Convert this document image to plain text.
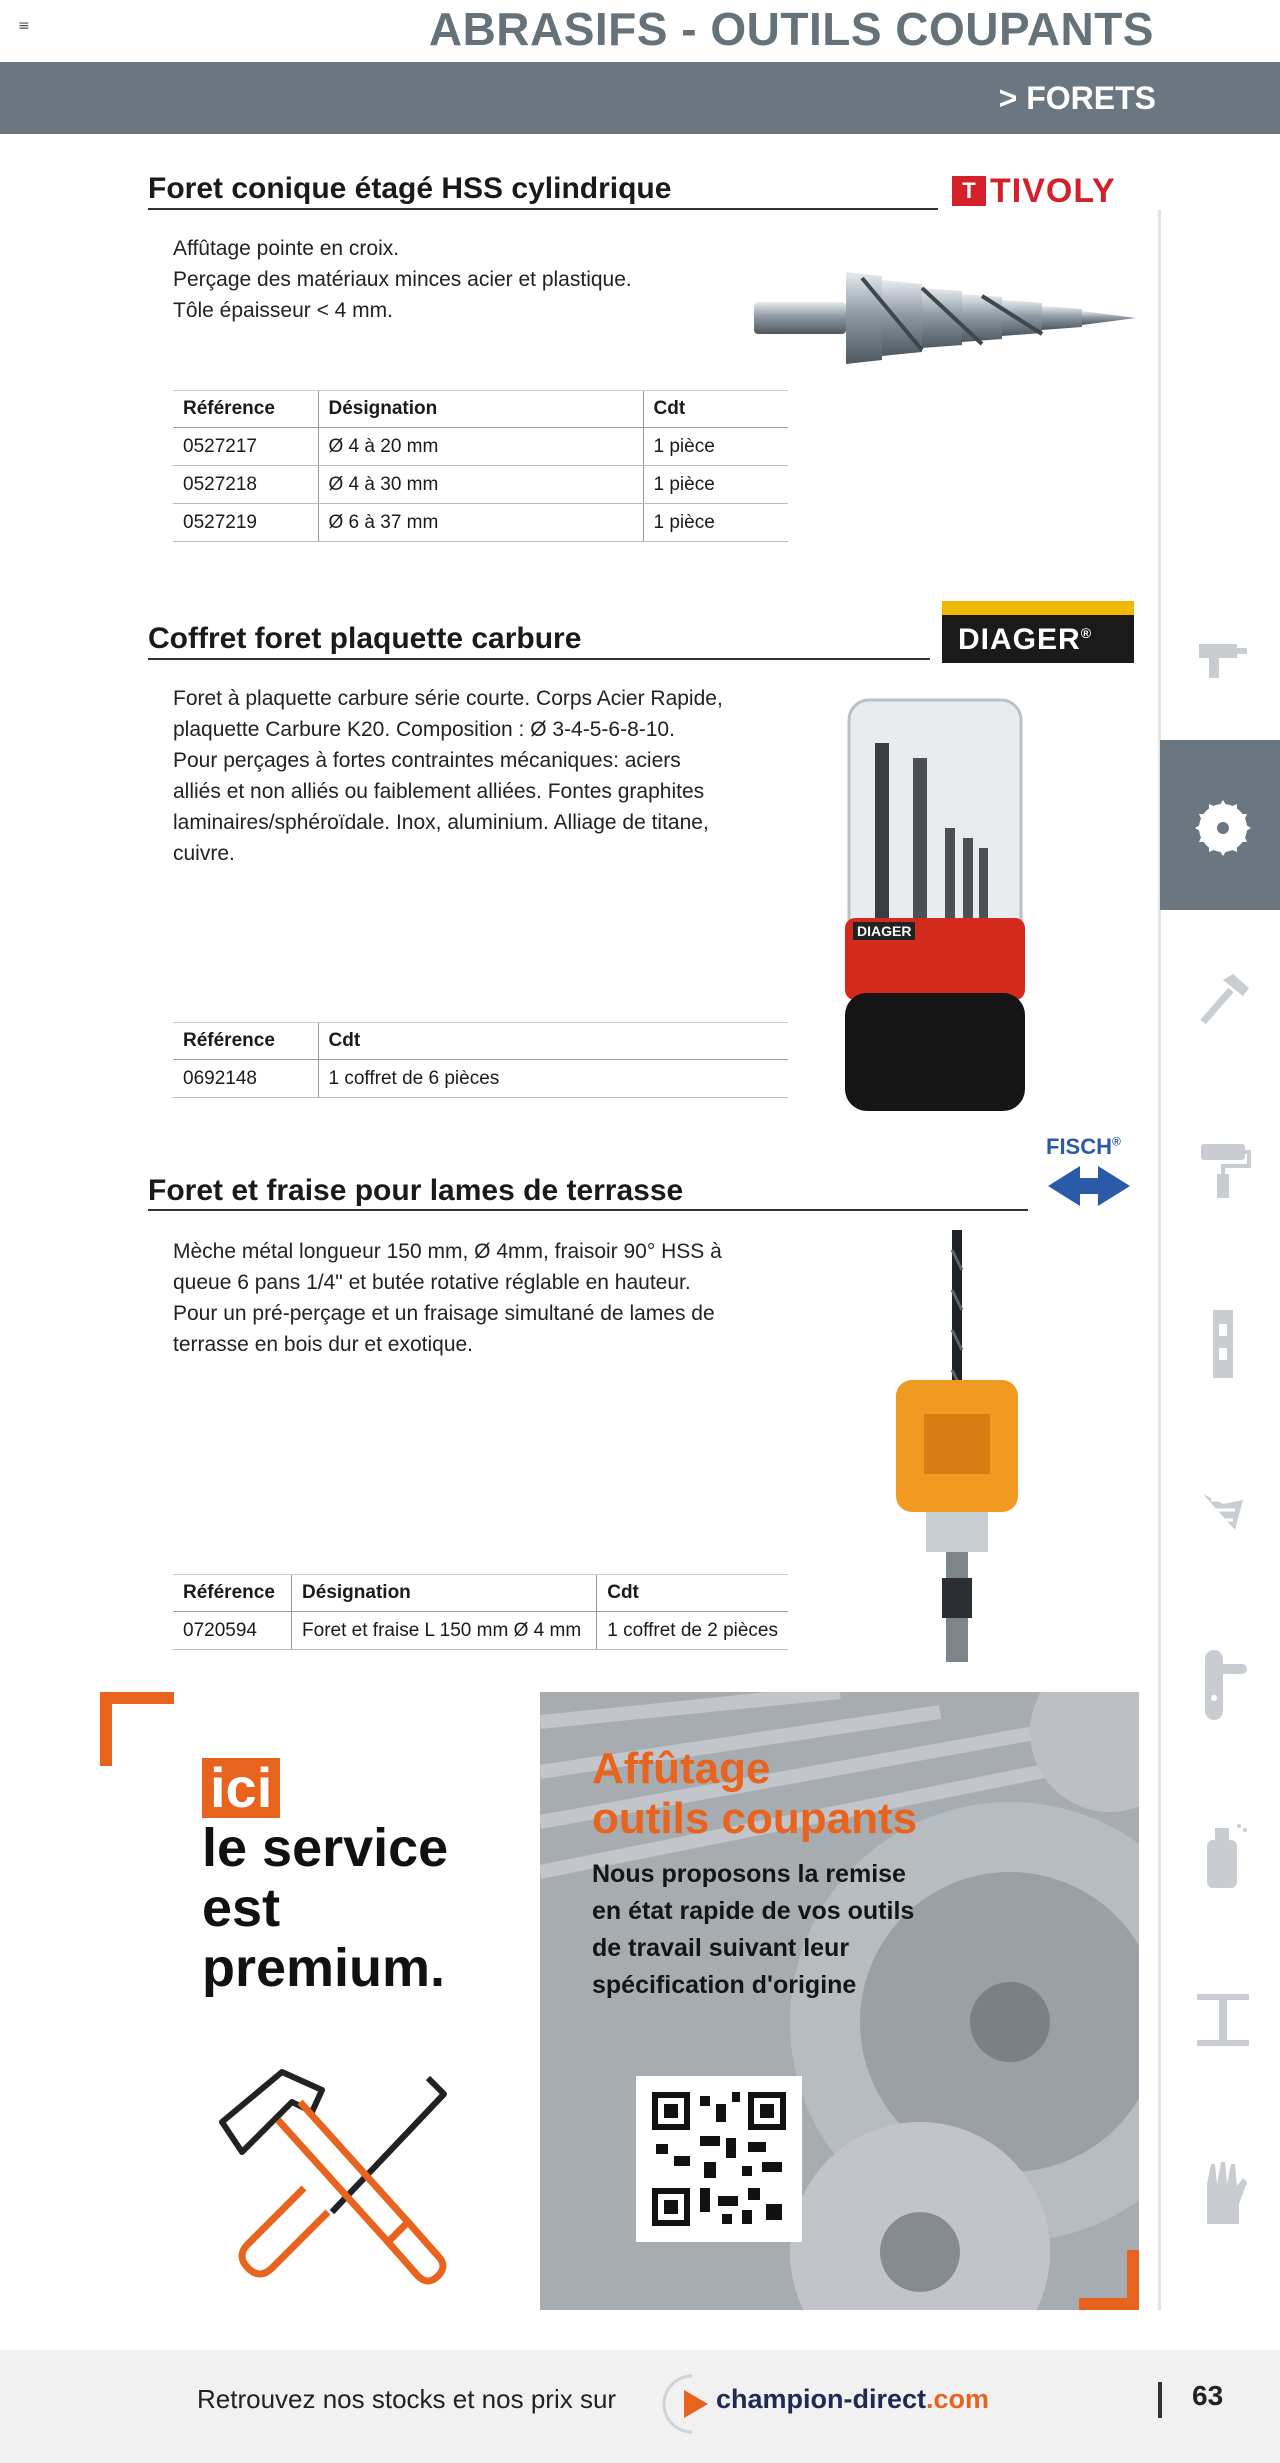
≡	ABRASIFS - OUTILS COUPANTS
> FORETS
Foret conique étagé HSS cylindrique	T TIVOLY

Affûtage pointe en croix.

Perçage des matériaux minces acier et plastique.

Tôle épaisseur < 4 mm.

Référence	Désignation	Cdt
0527217	Ø 4 à 20 mm	1 pièce
0527218	Ø 4 à 30 mm	1 pièce
0527219	Ø 6 à 37 mm	1 pièce
Coffret foret plaquette carbure	DIAGER®

Foret à plaquette carbure série courte. Corps Acier Rapide,

plaquette Carbure K20. Composition : Ø 3-4-5-6-8-10.

Pour perçages à fortes contraintes mécaniques: aciers

alliés et non alliés ou faiblement alliées. Fontes graphites

laminaires/sphéroïdale. Inox, aluminium. Alliage de titane,

cuivre.

DIAGER
Référence	Cdt
0692148	1 coffret de 6 pièces
Foret et fraise pour lames de terrasse
FISCH®

Mèche métal longueur 150 mm, Ø 4mm, fraisoir 90° HSS à

queue 6 pans 1/4" et butée rotative réglable en hauteur.

Pour un pré-perçage et un fraisage simultané de lames de

terrasse en bois dur et exotique.

Référence	Désignation	Cdt
0720594	Foret et fraise L 150 mm Ø 4 mm	1 coffret de 2 pièces
ici
le service
est
premium.
Affûtage
outils coupants
Nous proposons la remise
en état rapide de vos outils
de travail suivant leur
spécification d'origine
Retrouvez nos stocks et nos prix sur	champion-direct.com	63
